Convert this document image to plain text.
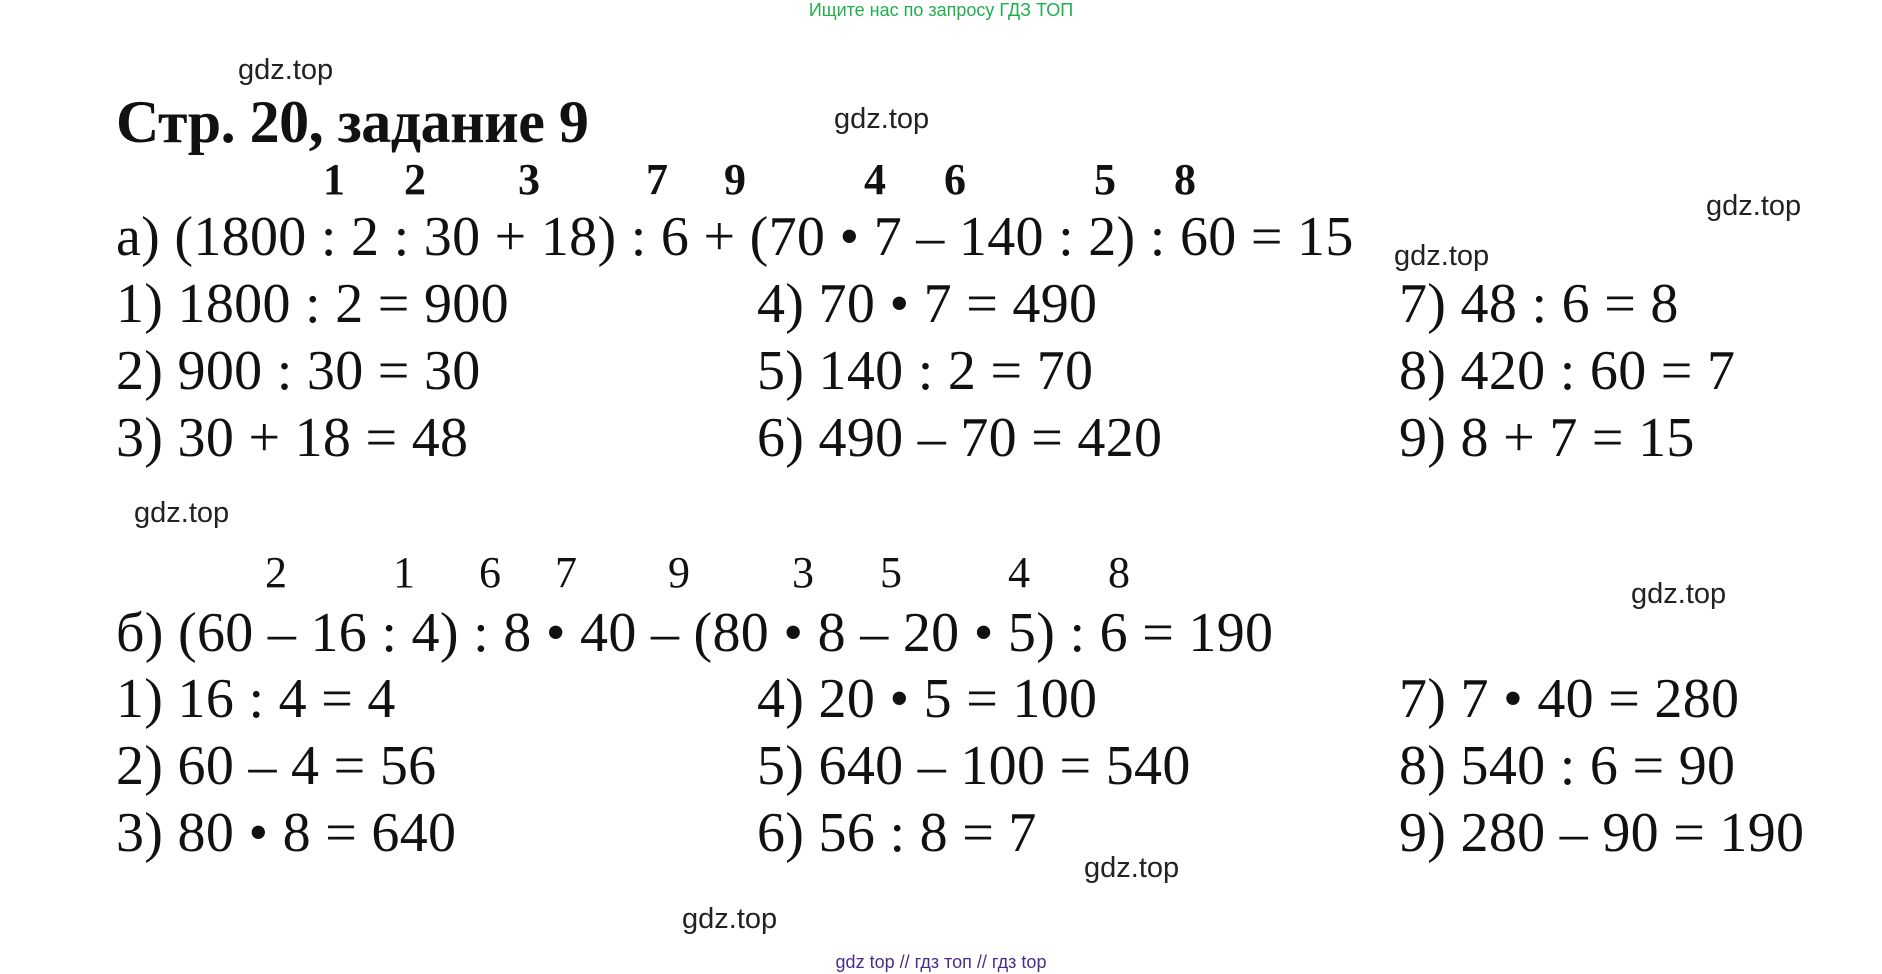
Ищите нас по запросу ГДЗ ТОП
gdz.top
gdz.top
gdz.top
gdz.top
gdz.top
gdz.top
gdz.top
gdz.top
Стр. 20, задание 9
1 2 3 7 9	4 6	5 8
а) (1800 : 2 : 30 + 18) : 6 + (70 • 7 – 140 : 2) : 60 = 15
1) 1800 : 2 = 900
2) 900 : 30 = 30
3) 30 + 18 = 48
4) 70 • 7 = 490
5) 140 : 2 = 70
6) 490 – 70 = 420
7) 48 : 6 = 8
8) 420 : 60 = 7
9) 8 + 7 = 15
2 1 6 7 9 3 5 4 8
б) (60 – 16 : 4) : 8 • 40 – (80 • 8 – 20 • 5) : 6 = 190
1) 16 : 4 = 4
2) 60 – 4 = 56
3) 80 • 8 = 640
4) 20 • 5 = 100
5) 640 – 100 = 540
6) 56 : 8 = 7
7) 7 • 40 = 280
8) 540 : 6 = 90
9) 280 – 90 = 190
gdz top // гдз топ // гдз top
